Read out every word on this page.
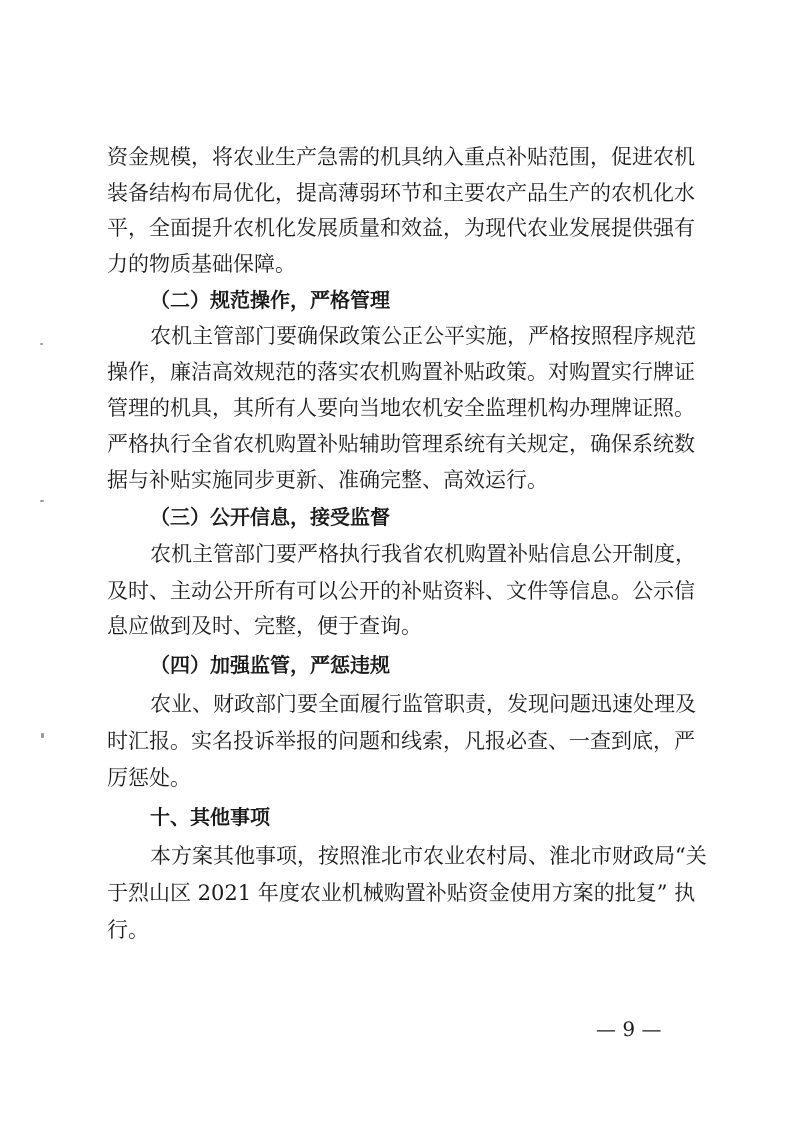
资金规模，将农业生产急需的机具纳入重点补贴范围，促进农机
装备结构布局优化，提高薄弱环节和主要农产品生产的农机化水
平，全面提升农机化发展质量和效益，为现代农业发展提供强有
力的物质基础保障。
（二）规范操作，严格管理
农机主管部门要确保政策公正公平实施，严格按照程序规范
操作，廉洁高效规范的落实农机购置补贴政策。对购置实行牌证
管理的机具，其所有人要向当地农机安全监理机构办理牌证照。
严格执行全省农机购置补贴辅助管理系统有关规定，确保系统数
据与补贴实施同步更新、准确完整、高效运行。
（三）公开信息，接受监督
农机主管部门要严格执行我省农机购置补贴信息公开制度，
及时、主动公开所有可以公开的补贴资料、文件等信息。公示信
息应做到及时、完整，便于查询。
（四）加强监管，严惩违规
农业、财政部门要全面履行监管职责，发现问题迅速处理及
时汇报。实名投诉举报的问题和线索，凡报必查、一查到底，严
厉惩处。
十、其他事项
本方案其他事项，按照淮北市农业农村局、淮北市财政局“关
于烈山区 2021 年度农业机械购置补贴资金使用方案的批复” 执
行。
— 9 —
